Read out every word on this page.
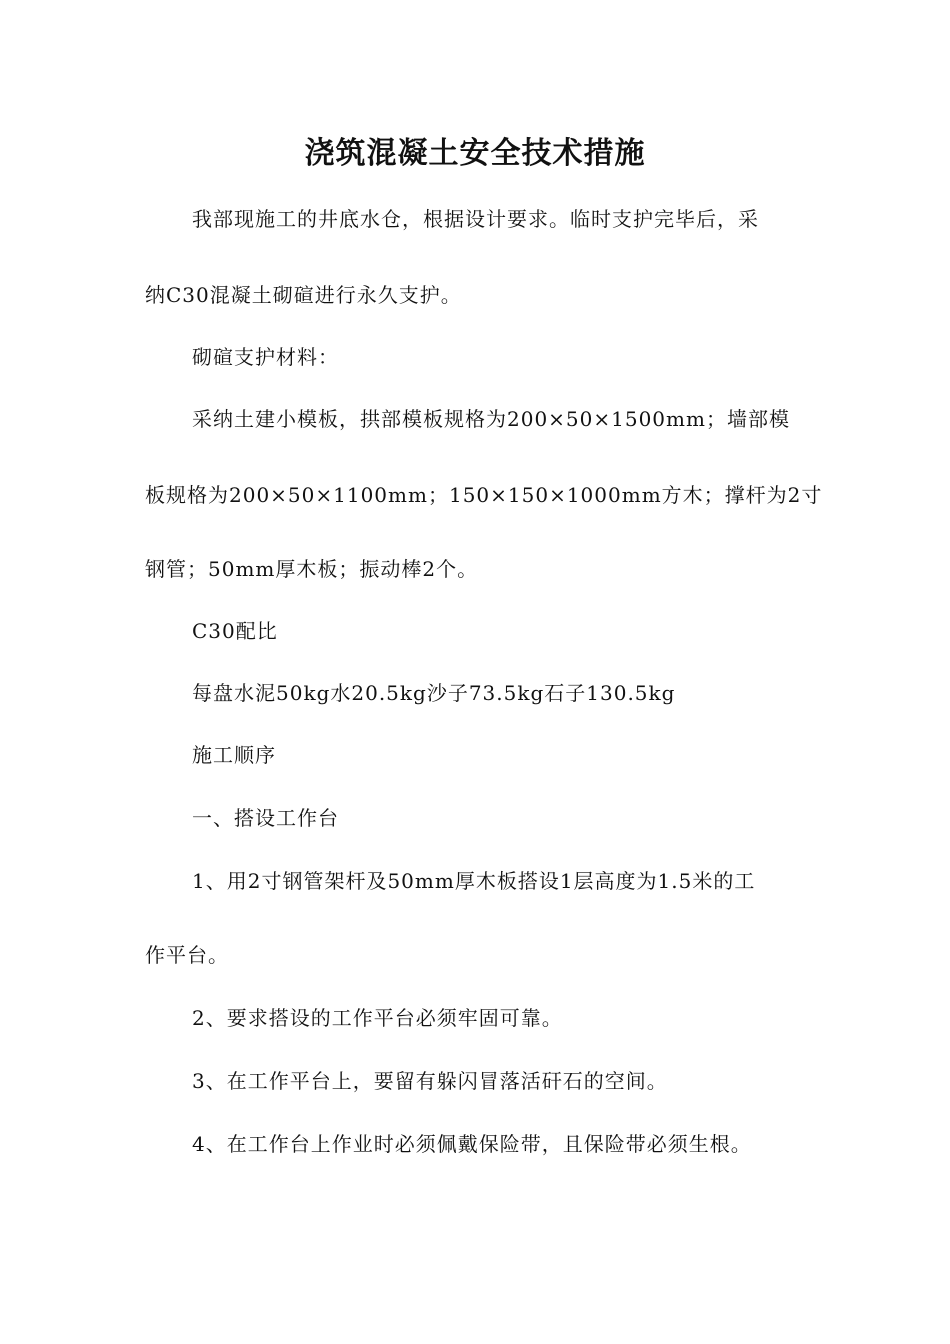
浇筑混凝土安全技术措施
我部现施工的井底水仓，根据设计要求。临时支护完毕后，采
纳C30混凝土砌碹进行永久支护。
砌碹支护材料：
采纳土建小模板，拱部模板规格为200×50×1500mm；墙部模
板规格为200×50×1100mm；150×150×1000mm方木；撑杆为2寸
钢管；50mm厚木板；振动棒2个。
C30配比
每盘水泥50kg水20.5kg沙子73.5kg石子130.5kg
施工顺序
一、搭设工作台
1、用2寸钢管架杆及50mm厚木板搭设1层高度为1.5米的工
作平台。
2、要求搭设的工作平台必须牢固可靠。
3、在工作平台上，要留有躲闪冒落活矸石的空间。
4、在工作台上作业时必须佩戴保险带，且保险带必须生根。
